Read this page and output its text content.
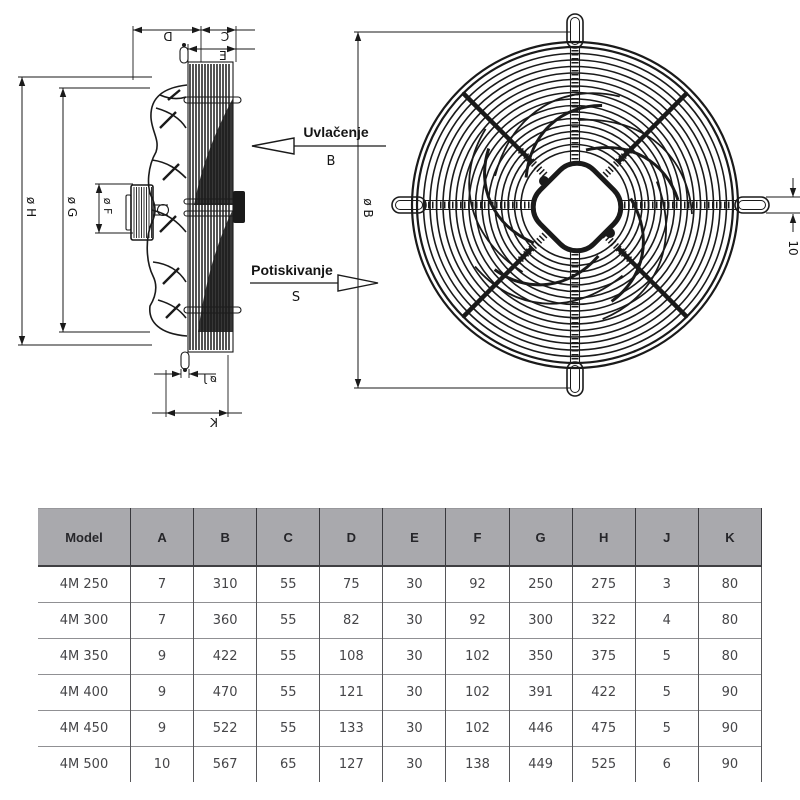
D	C
E
ø H ø G ø F
ø J
K
Uvlačenje
B
Potiskivanje
S
ø B
10
Model	A	B	C	D	E	F	G	H	J	K
4M 250	7	310	55	75	30	92	250	275	3	80
4M 300	7	360	55	82	30	92	300	322	4	80
4M 350	9	422	55	108	30	102	350	375	5	80
4M 400	9	470	55	121	30	102	391	422	5	90
4M 450	9	522	55	133	30	102	446	475	5	90
4M 500	10	567	65	127	30	138	449	525	6	90
